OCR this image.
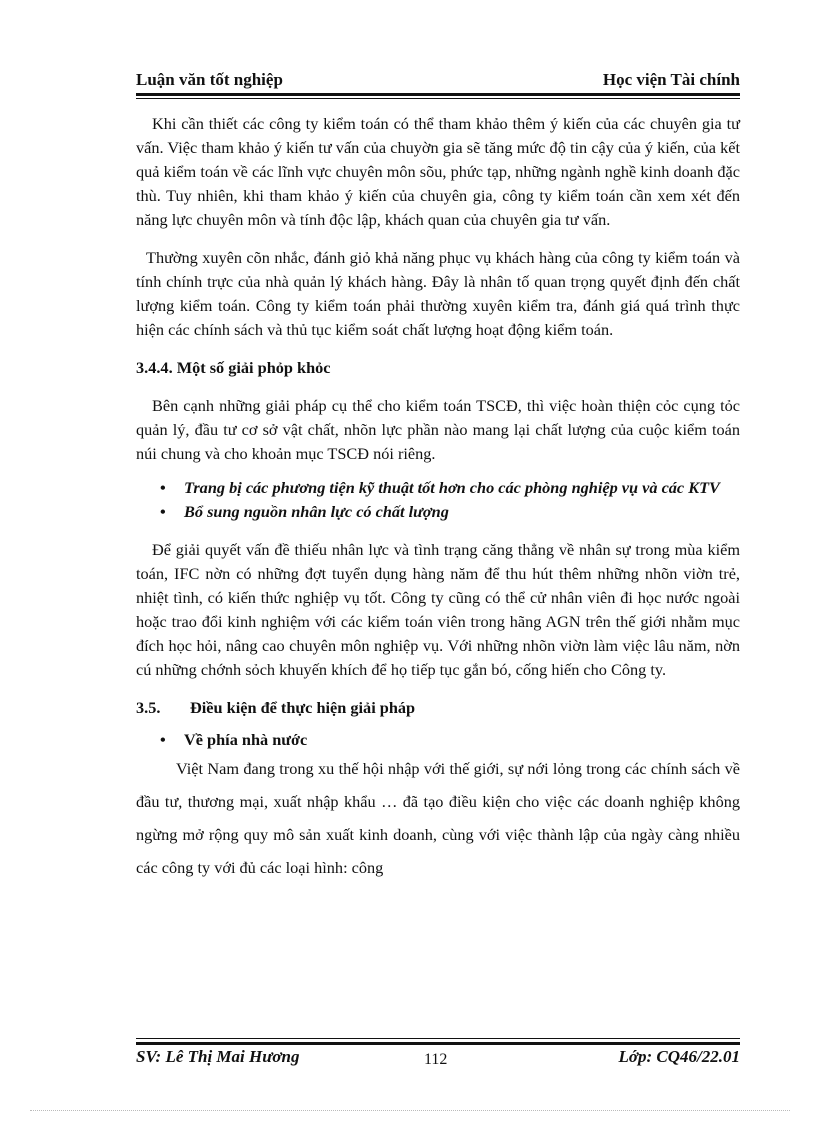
Luận văn tốt nghiệp	Học viện Tài chính

Khi cần thiết các công ty kiểm toán có thể tham khảo thêm ý kiến của các chuyên gia tư vấn. Việc tham khảo ý kiến tư vấn của chuyờn gia sẽ tăng mức độ tin cậy của ý kiến, của kết quả kiểm toán về các lĩnh vực chuyên môn sõu, phức tạp, những ngành nghề kinh doanh đặc thù. Tuy nhiên, khi tham khảo ý kiến của chuyên gia, công ty kiểm toán cần xem xét đến năng lực chuyên môn và tính độc lập, khách quan của chuyên gia tư vấn.

Thường xuyên cõn nhắc, đánh giỏ khả năng phục vụ khách hàng của công ty kiểm toán và tính chính trực của nhà quản lý khách hàng. Đây là nhân tố quan trọng quyết định đến chất lượng kiểm toán. Công ty kiểm toán phải thường xuyên kiểm tra, đánh giá quá trình thực hiện các chính sách và thủ tục kiểm soát chất lượng hoạt động kiểm toán.

3.4.4. Một số giải phỏp khỏc

Bên cạnh những giải pháp cụ thể cho kiểm toán TSCĐ, thì việc hoàn thiện cỏc cụng tỏc quản lý, đầu tư cơ sở vật chất, nhõn lực phần nào mang lại chất lượng của cuộc kiểm toán núi chung và cho khoản mục TSCĐ nói riêng.

• Trang bị các phương tiện kỹ thuật tốt hơn cho các phòng nghiệp vụ và các KTV
• Bổ sung nguồn nhân lực có chất lượng

Để giải quyết vấn đề thiếu nhân lực và tình trạng căng thẳng về nhân sự trong mùa kiểm toán, IFC nờn có những đợt tuyển dụng hàng năm để thu hút thêm những nhõn viờn trẻ, nhiệt tình, có kiến thức nghiệp vụ tốt. Công ty cũng có thể cử nhân viên đi học nước ngoài hoặc trao đổi kinh nghiệm với các kiểm toán viên trong hãng AGN trên thế giới nhằm mục đích học hỏi, nâng cao chuyên môn nghiệp vụ. Với những nhõn viờn làm việc lâu năm, nờn cú những chớnh sỏch khuyến khích để họ tiếp tục gắn bó, cống hiến cho Công ty.

3.5. Điều kiện để thực hiện giải pháp

• Về phía nhà nước

Việt Nam đang trong xu thế hội nhập với thế giới, sự nới lỏng trong các chính sách về đầu tư, thương mại, xuất nhập khẩu … đã tạo điều kiện cho việc các doanh nghiệp không ngừng mở rộng quy mô sản xuất kinh doanh, cùng với việc thành lập của ngày càng nhiều các công ty với đủ các loại hình: công

SV: Lê Thị Mai Hương	112	Lớp: CQ46/22.01
